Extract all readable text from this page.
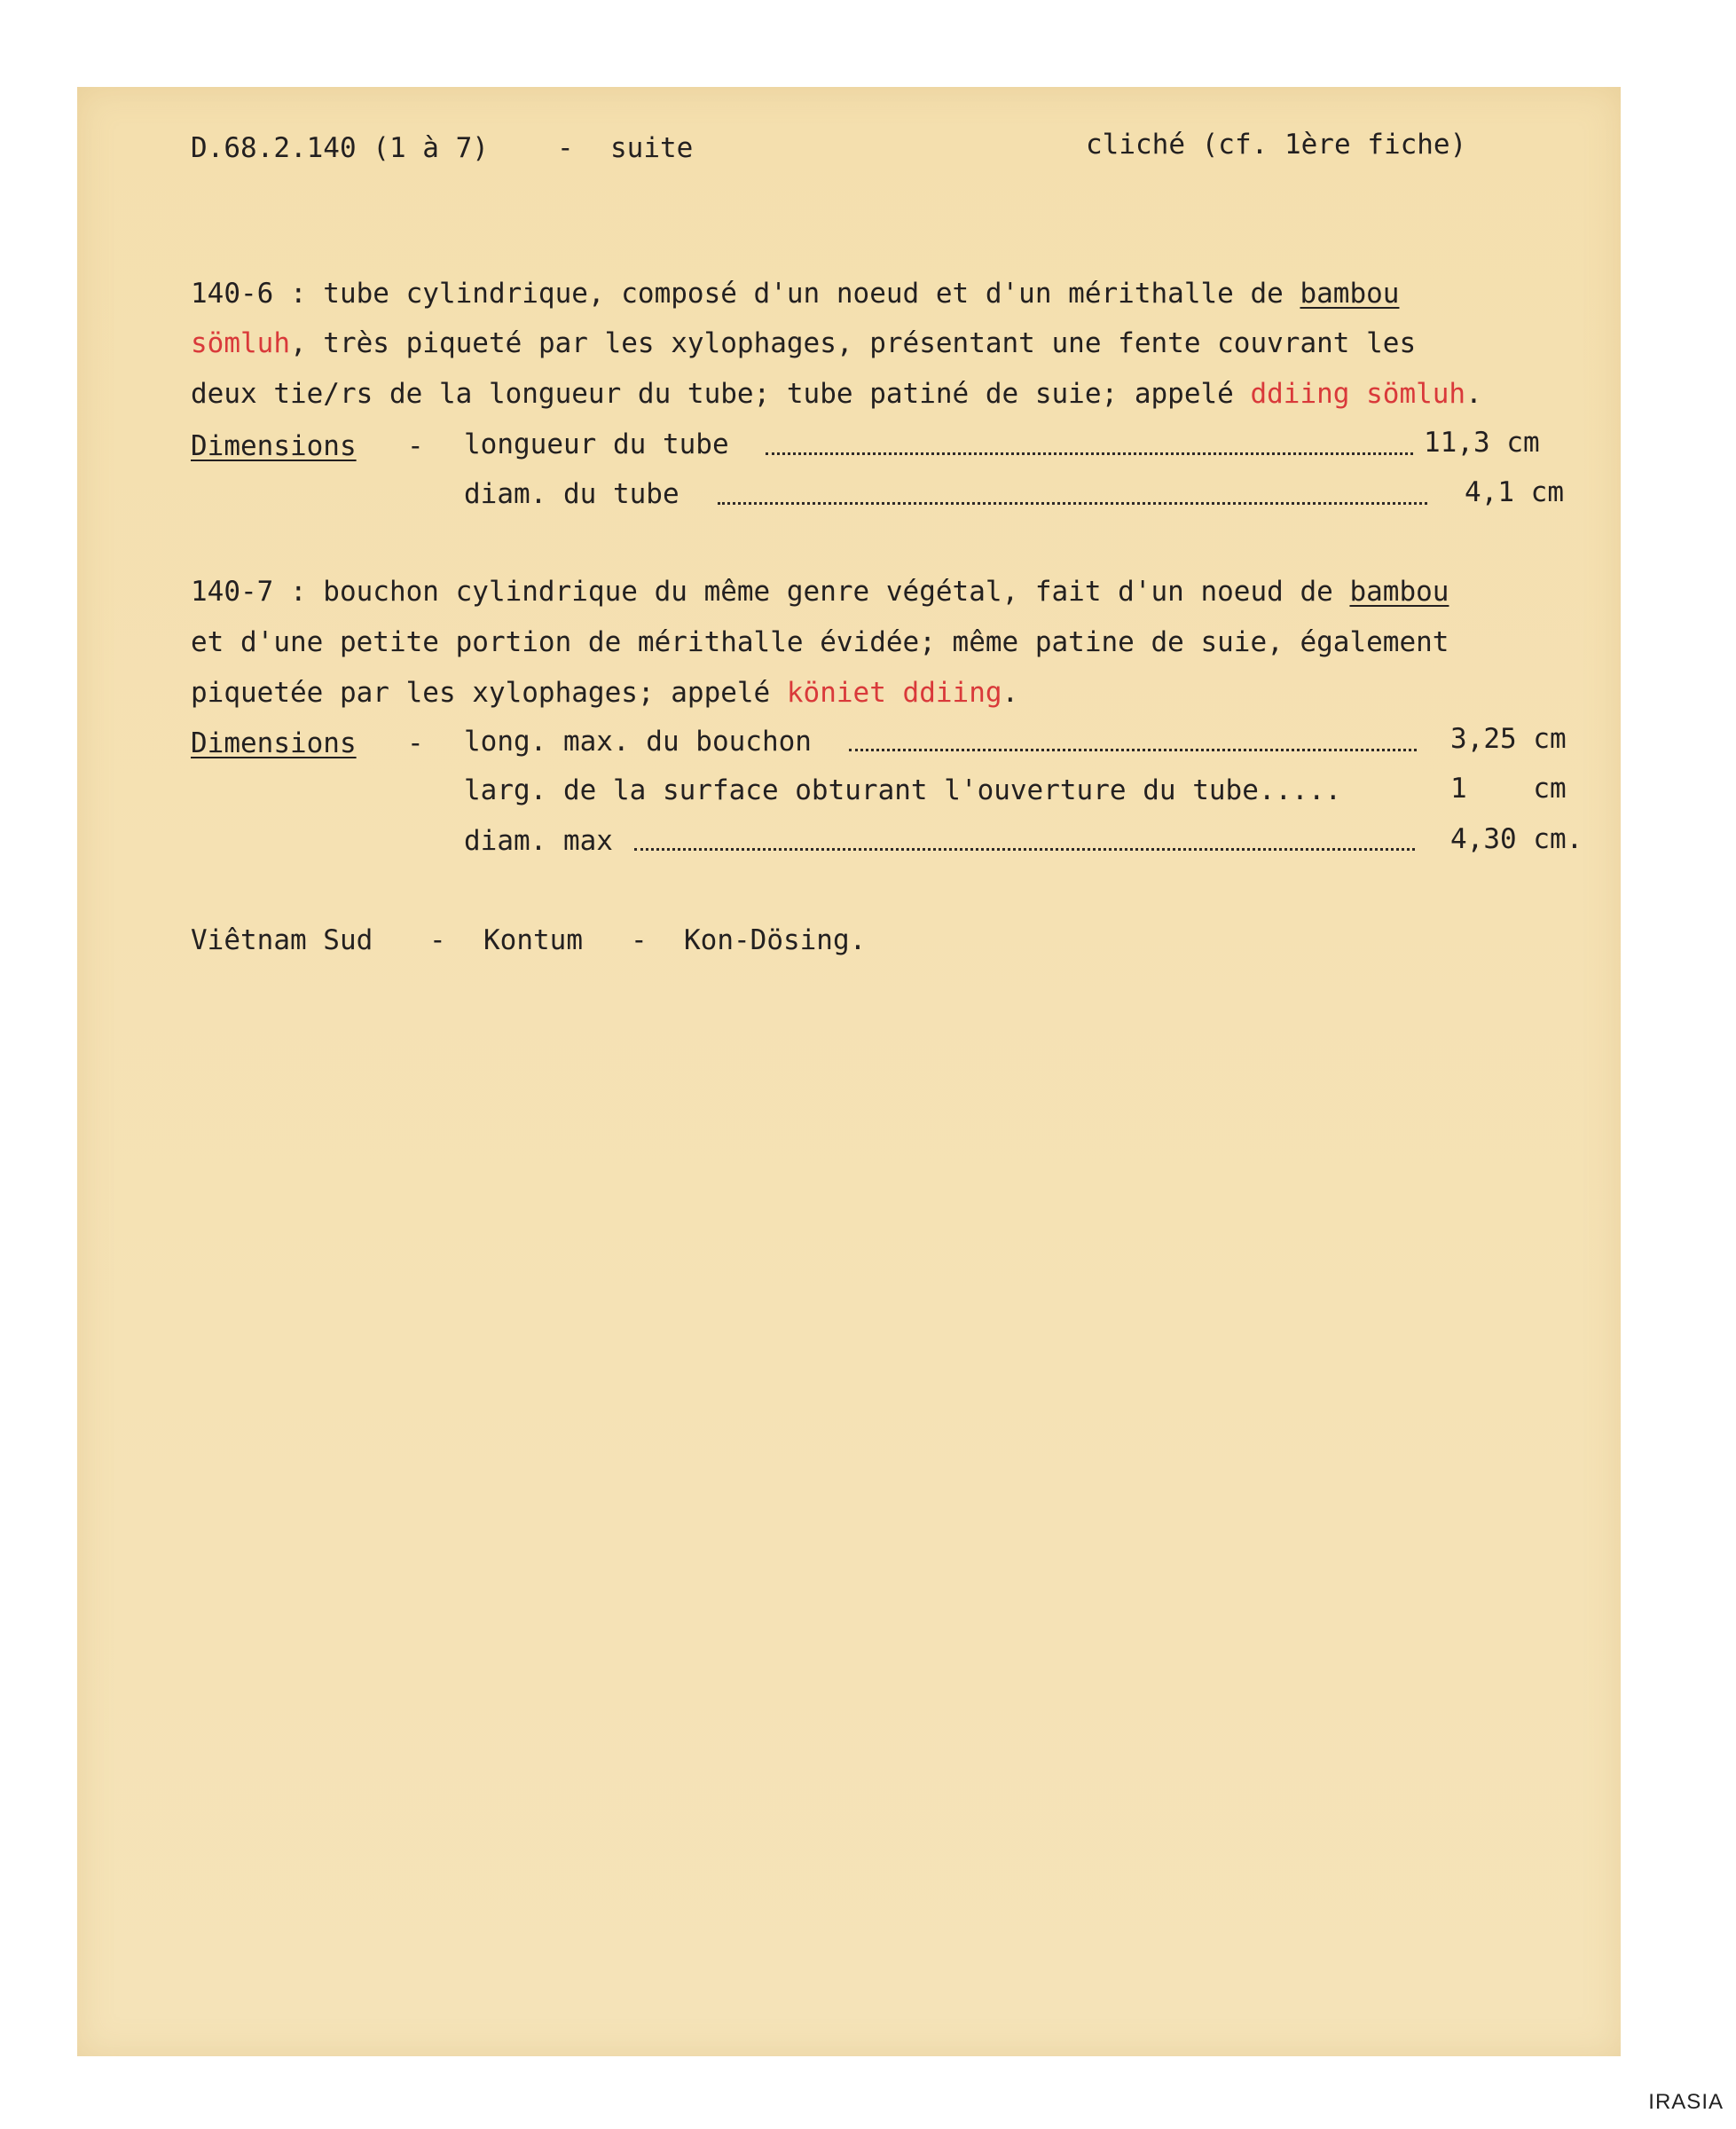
D.68.2.140 (1 à 7) - suite	cliché (cf. 1ère fiche)
140-6 : tube cylindrique, composé d'un noeud et d'un mérithalle de bambou
sömluh, très piqueté par les xylophages, présentant une fente couvrant les
deux tie/rs de la longueur du tube; tube patiné de suie; appelé ddiing sömluh.
Dimensions - longueur du tube	11,3 cm
diam. du tube	4,1 cm
140-7 : bouchon cylindrique du même genre végétal, fait d'un noeud de bambou
et d'une petite portion de mérithalle évidée; même patine de suie, également
piquetée par les xylophages; appelé köniet ddiing.
Dimensions - long. max. du bouchon	3,25 cm
larg. de la surface obturant l'ouverture du tube.....	1    cm
diam. max	4,30 cm.
Viêtnam Sud - Kontum - Kon-Dösing.
IRASIA
